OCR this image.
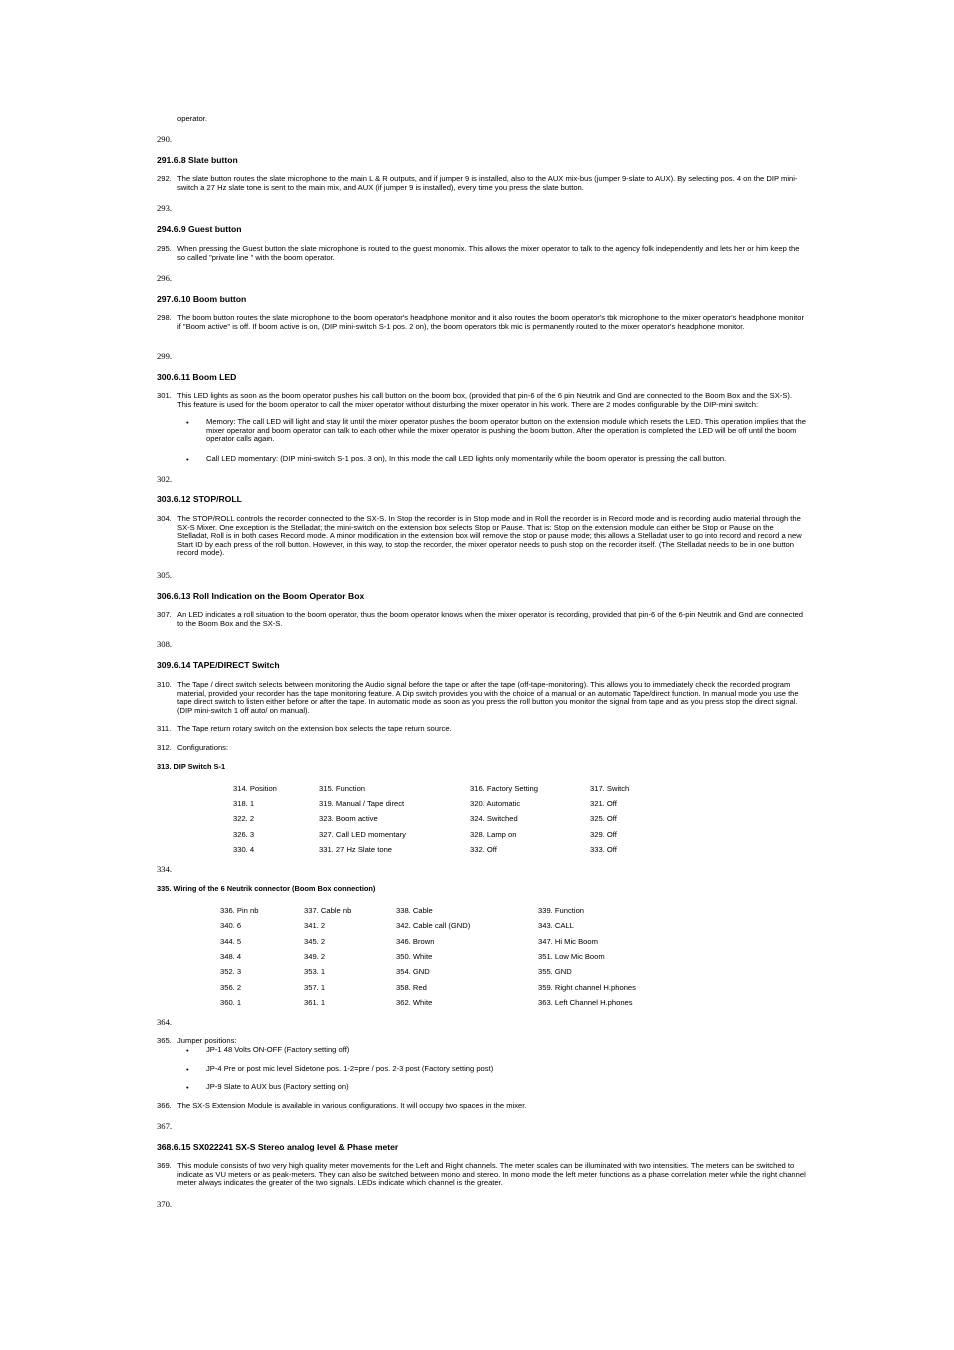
operator.
290.
291.6.8 Slate button
292. The slate button routes the slate microphone to the main L & R outputs, and if jumper 9 is installed, also to the AUX mix-bus (jumper 9-slate to AUX). By selecting pos. 4 on the DIP mini-switch a 27 Hz slate tone is sent to the main mix, and AUX (if jumper 9 is installed), every time you press the slate button.
293.
294.6.9 Guest button
295. When pressing the Guest button the slate microphone is routed to the guest monomix. This allows the mixer operator to talk to the agency folk independently and lets her or him keep the so called "private line " with the boom operator.
296.
297.6.10 Boom button
298. The boom button routes the slate microphone to the boom operator's headphone monitor and it also routes the boom operator's tbk microphone to the mixer operator's headphone monitor if "Boom active" is off. If boom active is on, (DIP mini-switch S-1 pos. 2 on), the boom operators tbk mic is permanently routed to the mixer operator's headphone monitor.
299.
300.6.11 Boom LED
301. This LED lights as soon as the boom operator pushes his call button on the boom box, (provided that pin-6 of the 6 pin Neutrik and Gnd are connected to the Boom Box and the SX-S). This feature is used for the boom operator to call the mixer operator without disturbing the mixer operator in his work. There are 2 modes configurable by the DIP-mini switch:
• Memory: The call LED will light and stay lit until the mixer operator pushes the boom operator button on the extension module which resets the LED. This operation implies that the mixer operator and boom operator can talk to each other while the mixer operator is pushing the boom button. After the operation is completed the LED will be off until the boom operator calls again.
• Call LED momentary: (DIP mini-switch S-1 pos. 3 on), In this mode the call LED lights only momentarily while the boom operator is pressing the call button.
302.
303.6.12 STOP/ROLL
304. The STOP/ROLL controls the recorder connected to the SX-S. In Stop the recorder is in Stop mode and in Roll the recorder is in Record mode and is recording audio material through the SX-S Mixer. One exception is the Stelladat; the mini-switch on the extension box selects Stop or Pause. That is: Stop on the extension module can either be Stop or Pause on the Stelladat, Roll is in both cases Record mode. A minor modification in the extension box will remove the stop or pause mode; this allows a Stelladat user to go into record and record a new Start ID by each press of the roll button. However, in this way, to stop the recorder, the mixer operator needs to push stop on the recorder itself. (The Stelladat needs to be in one button record mode).
305.
306.6.13 Roll Indication on the Boom Operator Box
307. An LED indicates a roll situation to the boom operator, thus the boom operator knows when the mixer operator is recording, provided that pin-6 of the 6-pin Neutrik and Gnd are connected to the Boom Box and the SX-S.
308.
309.6.14 TAPE/DIRECT Switch
310. The Tape / direct switch selects between monitoring the Audio signal before the tape or after the tape (off-tape-monitoring). This allows you to immediately check the recorded program material, provided your recorder has the tape monitoring feature. A Dip switch provides you with the choice of a manual or an automatic Tape/direct function. In manual mode you use the tape direct switch to listen either before or after the tape. In automatic mode as soon as you press the roll button you monitor the signal from tape and as you press stop the direct signal. (DIP mini-switch 1 off auto/ on manual).
311. The Tape return rotary switch on the extension box selects the tape return source.
312. Configurations:
313. DIP Switch S-1
314. Position	315. Function	316. Factory Setting	317. Switch
318. 1	319. Manual / Tape direct	320. Automatic	321. Off
322. 2	323. Boom active	324. Switched	325. Off
326. 3	327. Call LED momentary	328. Lamp on	329. Off
330. 4	331. 27 Hz Slate tone	332. Off	333. Off
334.
335. Wiring of the 6 Neutrik connector (Boom Box connection)
336. Pin nb	337. Cable nb	338. Cable	339. Function
340. 6	341. 2	342. Cable call (GND)	343. CALL
344. 5	345. 2	346. Brown	347. Hi Mic Boom
348. 4	349. 2	350. White	351. Low Mic Boom
352. 3	353. 1	354. GND	355. GND
356. 2	357. 1	358. Red	359. Right channel H.phones
360. 1	361. 1	362. White	363. Left Channel H.phones
364.
365. Jumper positions:
• JP-1 48 Volts ON-OFF (Factory setting off)
• JP-4 Pre or post mic level Sidetone pos. 1-2=pre / pos. 2-3 post (Factory setting post)
• JP-9 Slate to AUX bus (Factory setting on)
366. The SX-S Extension Module is available in various configurations. It will occupy two spaces in the mixer.
367.
368.6.15 SX022241 SX-S Stereo analog level & Phase meter
369. This module consists of two very high quality meter movements for the Left and Right channels. The meter scales can be illuminated with two intensities. The meters can be switched to indicate as VU meters or as peak-meters. They can also be switched between mono and stereo. In mono mode the left meter functions as a phase correlation meter while the right channel meter always indicates the greater of the two signals. LEDs indicate which channel is the greater.
370.
